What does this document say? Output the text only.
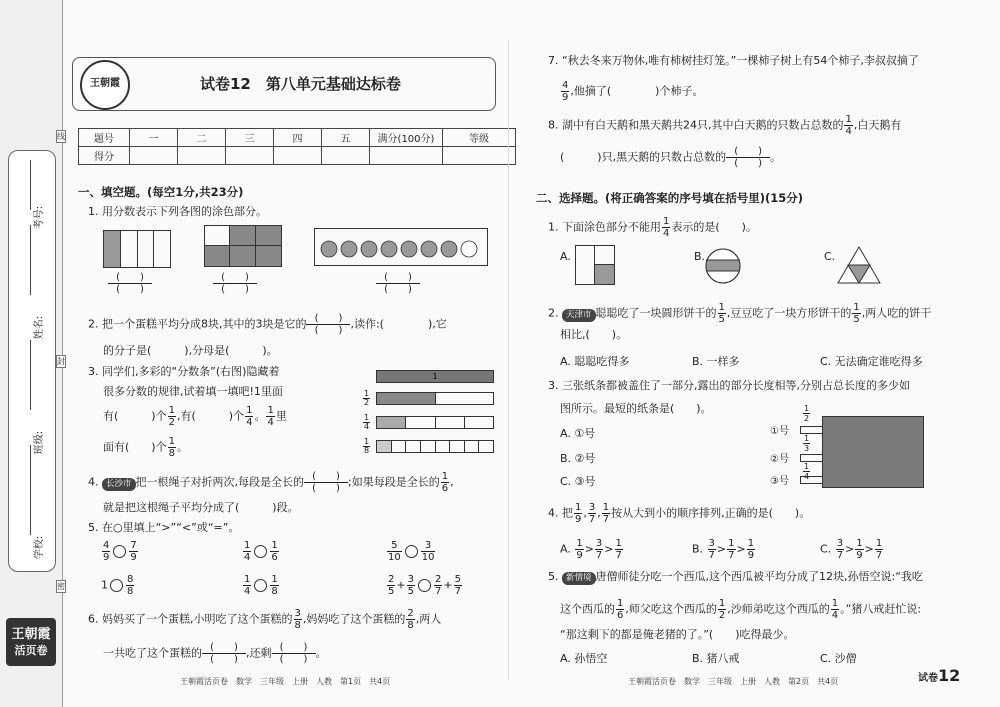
考号:
姓名:
班级:
学校:
线
封
密
王朝霞
活页卷
王朝霞	试卷12　第八单元基础达标卷
题号	一	二	三	四	五	满分(100分)	等级
得分							
一、填空题。(每空1分,共23分)
1. 用分数表示下列各图的涂色部分。
(　　)
(　　)
(　　)
(　　)
(　　)
(　　)
2. 把一个蛋糕平均分成8块,其中的3块是它的 (　　)
(　　) ,读作:(　　　　),它
的分子是(　　　),分母是(　　　)。
3. 同学们,多彩的“分数条”(右图)隐藏着
很多分数的规律,试着填一填吧!1里面
有(　　　)个 $\frac{1}{2}$ ,有(　　　)个 $\frac{1}{4}$ 。 $\frac{1}{4}$ 里
面有(　　)个 $\frac{1}{8}$ 。
1
$\frac{1}{2}$
$\frac{1}{4}$
$\frac{1}{8}$
4. 长沙市 把一根绳子对折两次,每段是全长的 (　　)
(　　) ;如果每段是全长的 $\frac{1}{6}$ ,
就是把这根绳子平均分成了(　　　)段。
5. 在○里填上“>”“<”或“=”。
$\frac{4}{9} \frac{7}{9}$	$\frac{1}{4} \frac{1}{6}$	$\frac{5}{10} \frac{3}{10}$
$1 \frac{8}{8}$	$\frac{1}{4} \frac{1}{8}$	$\frac{2}{5} + \frac{3}{5} \frac{2}{7} + \frac{5}{7}$
6. 妈妈买了一个蛋糕,小明吃了这个蛋糕的 $\frac{3}{8}$ ,妈妈吃了这个蛋糕的 $\frac{2}{8}$ ,两人
一共吃了这个蛋糕的 (　　)
(　　) ,还剩 (　　)
(　　) 。
7. “秋去冬来万物休,唯有柿树挂灯笼。”一棵柿子树上有54个柿子,李叔叔摘了
$\frac{4}{9}$ ,他摘了(　　　　)个柿子。
8. 湖中有白天鹅和黑天鹅共24只,其中白天鹅的只数占总数的 $\frac{1}{4}$ ,白天鹅有
(　　　)只,黑天鹅的只数占总数的 (　　)
(　　) 。
二、选择题。(将正确答案的序号填在括号里)(15分)
1. 下面涂色部分不能用 $\frac{1}{4}$ 表示的是(　　)。
A.	B.	C.
2. 天津市 聪聪吃了一块圆形饼干的 $\frac{1}{5}$ ,豆豆吃了一块方形饼干的 $\frac{1}{5}$ ,两人吃的饼干
相比,(　　)。
A. 聪聪吃得多	B. 一样多	C. 无法确定谁吃得多
3. 三张纸条都被盖住了一部分,露出的部分长度相等,分别占总长度的多少如
图所示。最短的纸条是(　　)。
A. ①号
B. ②号
C. ③号
①号
②号
③号
$\frac{1}{2}$
$\frac{1}{3}$
$\frac{1}{4}$
4. 把 $\frac{1}{9}$ , $\frac{3}{7}$ , $\frac{1}{7}$ 按从大到小的顺序排列,正确的是(　　)。
A. $\frac{1}{9} > \frac{3}{7} > \frac{1}{7}$	B. $\frac{3}{7} > \frac{1}{7} > \frac{1}{9}$	C. $\frac{3}{7} > \frac{1}{9} > \frac{1}{7}$
5. 新情境 唐僧师徒分吃一个西瓜,这个西瓜被平均分成了12块,孙悟空说:“我吃
这个西瓜的 $\frac{1}{6}$ ,师父吃这个西瓜的 $\frac{1}{2}$ ,沙师弟吃这个西瓜的 $\frac{1}{4}$ 。”猪八戒赶忙说:
“那这剩下的都是俺老猪的了。”(　　)吃得最少。
A. 孙悟空	B. 猪八戒	C. 沙僧
王朝霞活页卷　数学　三年级　上册　人教　第1页　共4页	王朝霞活页卷　数学　三年级　上册　人教　第2页　共4页	试卷12
